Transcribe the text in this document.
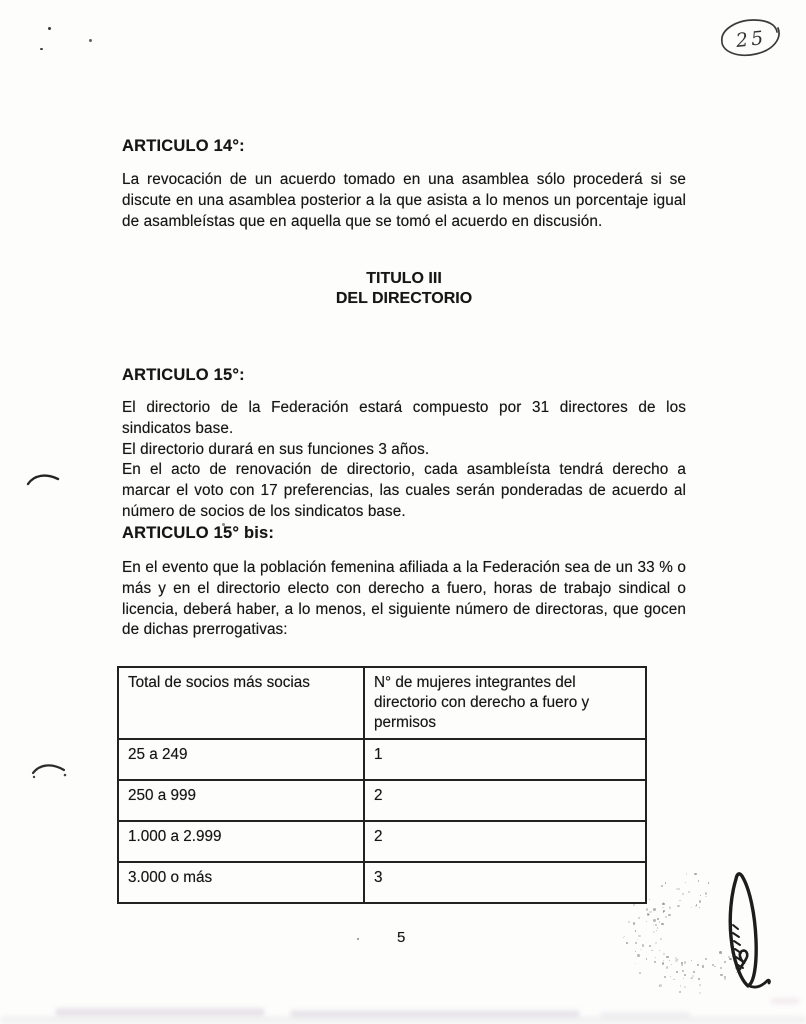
25
ARTICULO 14°:

La revocación de un acuerdo tomado en una asamblea sólo procederá si se discute en una asamblea posterior a la que asista a lo menos un porcentaje igual de asambleístas que en aquella que se tomó el acuerdo en discusión.

TITULO III
DEL DIRECTORIO
ARTICULO 15°:

El directorio de la Federación estará compuesto por 31 directores de los sindicatos base.

El directorio durará en sus funciones 3 años.

En el acto de renovación de directorio, cada asambleísta tendrá derecho a marcar el voto con 17 preferencias, las cuales serán ponderadas de acuerdo al número de socios de los sindicatos base.

ARTICULO 15° bis:

En el evento que la población femenina afiliada a la Federación sea de un 33 % o más y en el directorio electo con derecho a fuero, horas de trabajo sindical o licencia, deberá haber, a lo menos, el siguiente número de directoras, que gocen de dichas prerrogativas:

Total de socios más socias	N° de mujeres integrantes del directorio con derecho a fuero y permisos
25 a 249	1
250 a 999	2
1.000 a 2.999	2
3.000 o más	3
5
